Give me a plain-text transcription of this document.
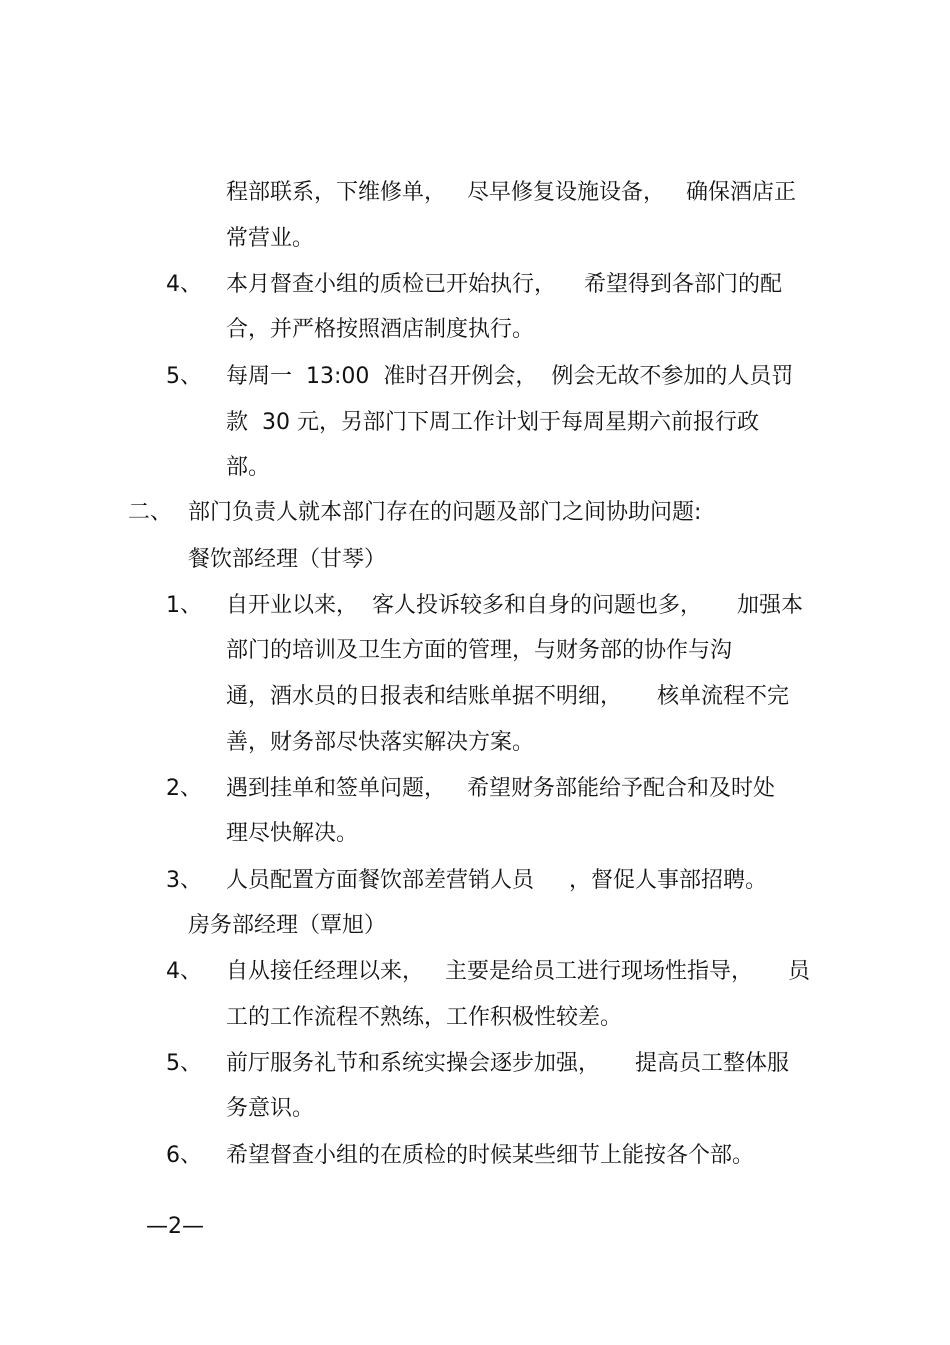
程部联系，下维修单，   尽早修复设施设备，   确保酒店正
常营业。
4、 本月督查小组的质检已开始执行，    希望得到各部门的配
合，并严格按照酒店制度执行。
5、 每周一  13:00  准时召开例会，  例会无故不参加的人员罚
款  30 元，另部门下周工作计划于每周星期六前报行政
部。
二、 部门负责人就本部门存在的问题及部门之间协助问题:
餐饮部经理（甘琴）
1、 自开业以来，  客人投诉较多和自身的问题也多，     加强本
部门的培训及卫生方面的管理，与财务部的协作与沟
通，酒水员的日报表和结账单据不明细，     核单流程不完
善，财务部尽快落实解决方案。
2、 遇到挂单和签单问题，   希望财务部能给予配合和及时处
理尽快解决。
3、 人员配置方面餐饮部差营销人员     ，督促人事部招聘。
房务部经理（覃旭）
4、 自从接任经理以来，   主要是给员工进行现场性指导，     员
工的工作流程不熟练，工作积极性较差。
5、 前厅服务礼节和系统实操会逐步加强，     提高员工整体服
务意识。
6、 希望督查小组的在质检的时候某些细节上能按各个部。
—2—
